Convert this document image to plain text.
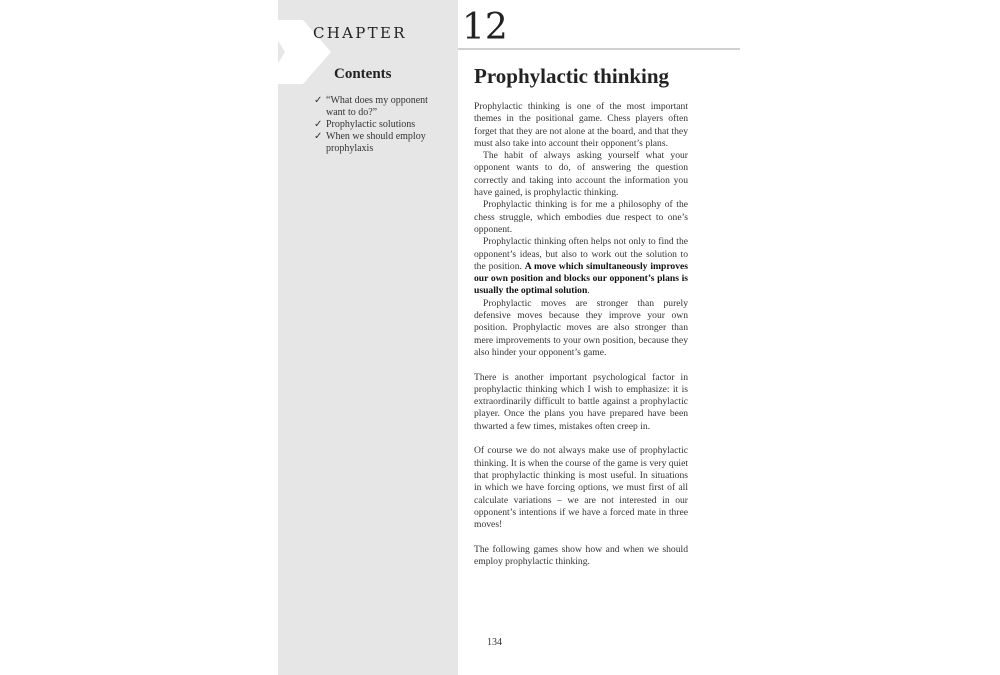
CHAPTER 12

Contents
✓ “What does my opponent want to do?”
✓ Prophylactic solutions
✓ When we should employ prophylaxis
Prophylactic thinking

Prophylactic thinking is one of the most important themes in the positional game. Chess players often forget that they are not alone at the board, and that they must also take into account their opponent’s plans.

The habit of always asking yourself what your opponent wants to do, of answering the question correctly and taking into account the information you have gained, is prophylactic thinking.

Prophylactic thinking is for me a philosophy of the chess struggle, which embodies due respect to one’s opponent.

Prophylactic thinking often helps not only to find the opponent’s ideas, but also to work out the solution to the position. A move which simultaneously improves our own position and blocks our opponent’s plans is usually the optimal solution.

Prophylactic moves are stronger than purely defensive moves because they improve your own position. Prophylactic moves are also stronger than mere improvements to your own position, because they also hinder your opponent’s game.

There is another important psychological factor in prophylactic thinking which I wish to emphasize: it is extraordinarily difficult to battle against a prophylactic player. Once the plans you have prepared have been thwarted a few times, mistakes often creep in.

Of course we do not always make use of prophylactic thinking. It is when the course of the game is very quiet that prophylactic thinking is most useful. In situations in which we have forcing options, we must first of all calculate variations – we are not interested in our opponent’s intentions if we have a forced mate in three moves!

The following games show how and when we should employ prophylactic thinking.

134
